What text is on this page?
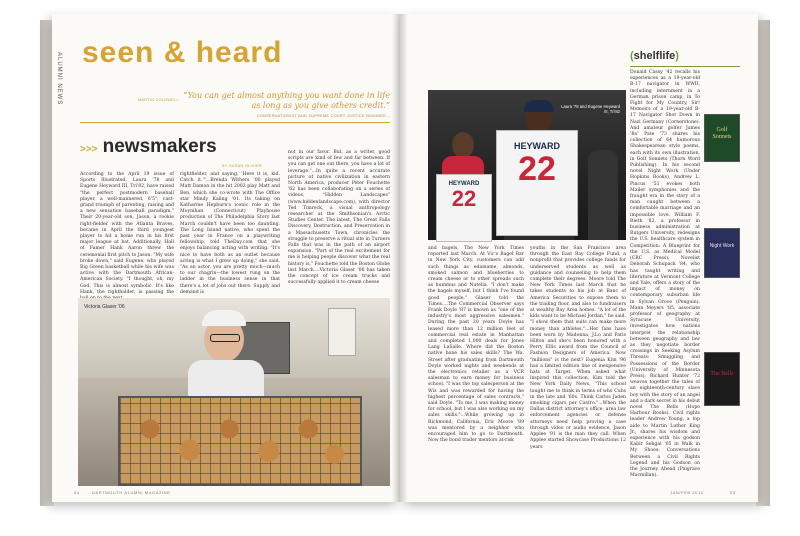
ALUMNI NEWS seen & heard
MARTIN COLDWELL “You can get almost anything you want done in life as long as you give others credit.”
CONSERVATIONIST AND SUPREME COURT JUSTICE NOMINEE...
>>> newsmakers
BY SUSAN OLIVIER
According to the April 19 issue of Sports Illustrated, Laura '78 and Eugene Heyward III, Tri'82, have raised "the perfect postmodern baseball player, a well-mannered, 6'5", cast-grand triumph of parenting, raising and a new sensation baseball paradigm." Their 20-year-old son, Jason, a rookie right-fielder with the Atlanta Braves, became in April the third youngest player to hit a home run in his first major league at bat. Additionally, Hall of Famer Hank Aaron threw the ceremonial first pitch to Jason. "My wife broke down," said Eugene, who played Big Green basketball while his wife was active with the Dartmouth African-American Society. "I thought, oh, my God. This is almost symbolic. It's like Hank, the righthalder, is passing the
rightfielder, and saying, 'Here it is, kid. Catch it.'"...Brenda Withers '00 played Matt Damon in the hit 2002 play Matt and Ben, which she co-wrote with The Office star Mindy Kaling '01. Its taking on Katharine Hepburn's iconic role in the Moynihan (Connecticut) Playhouse production of The Philadelphia Story last March couldn't have been too daunting. The Long Island native, who spent the past year in France on a playwriting fellowship, told TheDay.com that she enjoys balancing acting with writing. "It's nice to have both as an outlet because acting is what I grew up doing," she said. "As an actor, you are pretty much—much to our chagrin—the lowest rung on the ladder in the business sense in that there's a lot of jobs out there. Supply and demand is
not in our favor. But, as a writer, good scripts are kind of few and far between. If you can get one out there, you have a lot of leverage."...In quite a recent accurate picture of native civilization in eastern North America, producer Peter Fouchette '62 has been collaborating on a series of videos, "Hidden Landscapes" (www.hiddenlandscape.com), with director Ted Timreck, a visual anthropology researcher at the Smithsonian's Arctic Studies Center. The latest, The Great Falls Discovery, Destruction, and Preservation in a Massachusetts Town, chronicles the struggle to preserve a ritual site in Turners Falls that was in the path of an airport expansion. "Part of the real excitement for me is helping people discover what the real history is," Fouchette told the Boston Globe last March....Victoria Glaser '06 has taken the concept of ice cream trucks and successfully applied it to cream cheese
Victoria Glaser '06
54	DARTMOUTH ALUMNI MAGAZINE
Laura '78 and Eugene Heyward III, Tri'82
HEYWARD
22
HEYWARD
22
and bagels, The New York Times reported last March. At Vic's Bagel Bar in New York City, customers can add such things as edamame, almonds, smoked salmon and blueberries to cream cheese or to other spreads such as hummus and Nutella. "I don't make the bagels myself, but I think I've found good people," Glaser told the Times....The Commercial Observer says Frank Doyle '87 is known as "one of the industry's most aggressive salesmen." During the past 20 years Doyle has leased more than 12 million feet of commercial real estate in Manhattan and completed 1,000 deals for Jones Lang LaSalle. Where did the Boston native hone his sales skills? The Wa. Street after graduating from Dartmouth Doyle worked nights and weekends at the electronics retailer as a VCR salesman to earn money for business school. "I was the top salesperson at the Wiz and was rewarded for having the highest percentage of sales contracts," said Doyle. "To me, I was making money for school, but I was also working on my sales skills."...While growing up in Richmond, California, Eric Moore '89 was mentored by a neighbor who encouraged him to go to Dartmouth. Now the bond trader mentors at-risk
youths in the San Francisco area through the East Bay College Fund, a nonprofit that provides college funds for underserved students as well as guidance and counseling to help them complete their degrees. Moore told The New York Times last March that he takes students to his job at Banc of America Securities to expose them to the trading floor, and also to fundraisers at wealthy Bay Area homes. "A lot of the kids want to be Michael Jordan," he said. "I show them that suits can make more money than athletes."...Her fans have been worn by Madonna, J.Lo and Paris Hilton and she's been honored with a Perry Ellis award from the Council of Fashion Designers of America. Now "millions" is the next? Eugenia Kim '96 has a limited edition line of inexpensive hats at Target. When asked what inspired this collection, Kim told the New York Daily News, "This school taught me to think in terms of who Cubs in the late and '60s. Think Carlos Jaden smoking cigars per Castro."...When the Dallas district attorney's office, area law enforcement agencies or defense attorneys need help proving a case through video or audio evidence, Jason Applee '91 is the man they call. When Applee started Showcase Productions 12 years
(shelflife)
Donald Cassy '42 recalls his experiences as a 19-year-old B-17 navigator in WWII, including internment in a German prison camp, in To Fight for My Country, Sir! Memoirs of a 19-year-old B-17 Navigator Shot Down in Nazi Germany (Cornerstone). And amateur golfer James 'Bo' Pate '73 shares his collection of 64 humorous Shakespearean style poems, each with its own illustration, in Golf Sonnets (Thorn Word Publishing). In his second novel Night Work (Under Hopkins Books), Andrew L. Pincus '51 evokes both Mailer symphonies and the fraught era in the story of a man caught between a comfortable marriage and an impossible love. William F. Rieth '82, a professor in business administration at Rutgers University, redesigns the U.S. healthcare system in Competition: A Blueprint for the U.S. as Medical Model (CRC Press). Novelist Deborah Schupack '84, who has taught writing and literature at Vermont College and Yale, offers a story of the impact of money on contemporary suburban life in Sylvan Grove (Penguin). Mann Meyers '85, associate professor of geography at Syracuse University, investigates how nations interpret the relationship between geography and law as they negotiate border crossings in Seeking Asylum Threats: Smuggling and Possessions of the Border (University of Minnesota Press). Richard Hunter '72 weaves together the tales of an eighteenth-century slave boy with the story of an angel and a dark secret in his debut novel The Bells (Hope Harbour Books). Civil rights leader Andrew Young, a top aide to Martin Luther King Jr., shares his wisdom and experience with his godson Kabir Sehgal '05 in Walk in My Shoes: Conversations Between a Civil Rights Legend and his Godson on the Journey Ahead (Palgrave Macmillan).
Golf Sonnets
Night Work
The Bells
JAN/FEB 2010	55
